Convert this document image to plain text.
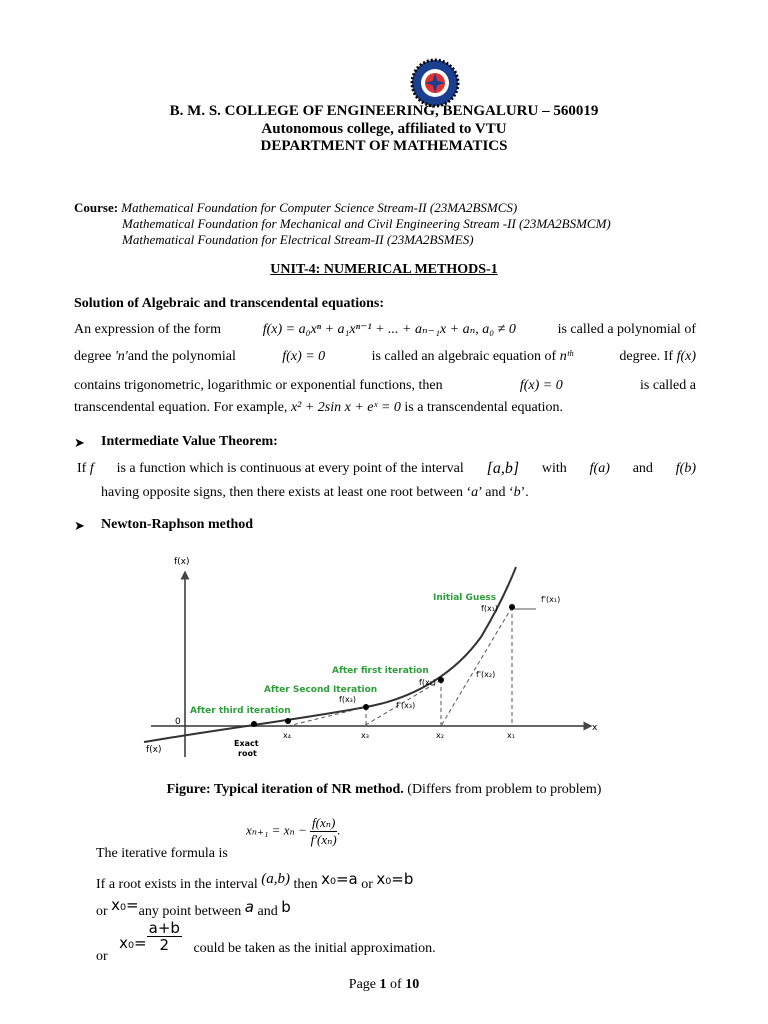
B. M. S. COLLEGE OF ENGINEERING, BENGALURU – 560019
Autonomous college, affiliated to VTU
DEPARTMENT OF MATHEMATICS
Course: Mathematical Foundation for Computer Science Stream-II (23MA2BSMCS)
Mathematical Foundation for Mechanical and Civil Engineering Stream -II (23MA2BSMCM)
Mathematical Foundation for Electrical Stream-II (23MA2BSMES)
UNIT-4: NUMERICAL METHODS-1
Solution of Algebraic and transcendental equations:
An expression of the form	f(x) = a₀xⁿ + a₁xⁿ⁻¹ + ... + aₙ₋₁x + aₙ, a₀ ≠ 0	is called a polynomial of
degree 'n'and the polynomial	f(x) = 0	is called an algebraic equation of nᵗʰ	degree. If f(x)
contains trigonometric, logarithmic or exponential functions, then	f(x) = 0	is called a
transcendental equation. For example, x² + 2sin x + eˣ = 0 is a transcendental equation.
➤ Intermediate Value Theorem:
If f is a function which is continuous at every point of the interval [a,b] with f(a) and f(b)
having opposite signs, then there exists at least one root between ‘a’ and ‘b’.
➤ Newton-Raphson method
f(x)
x
0
f(x)
Initial Guess
After first iteration
After Second Iteration
After third iteration
f(x₁)
f'(x₁)
f(x₂)
f'(x₂)
f(x₃)
f'(x₃)
Exact
root
x₁
x₂
x₃
x₄
Figure: Typical iteration of NR method. (Differs from problem to problem)
The iterative formula is
$x_{n+1} = x_n - \frac{\text{f(xₙ)}}{\text{f′(xₙ)}}$ .
If a root exists in the interval (a,b) then x₀=a or x₀=b
or x₀=any point between a and b
or $x_0= \frac{a+b}{2}$ could be taken as the initial approximation.
Page 1 of 10
